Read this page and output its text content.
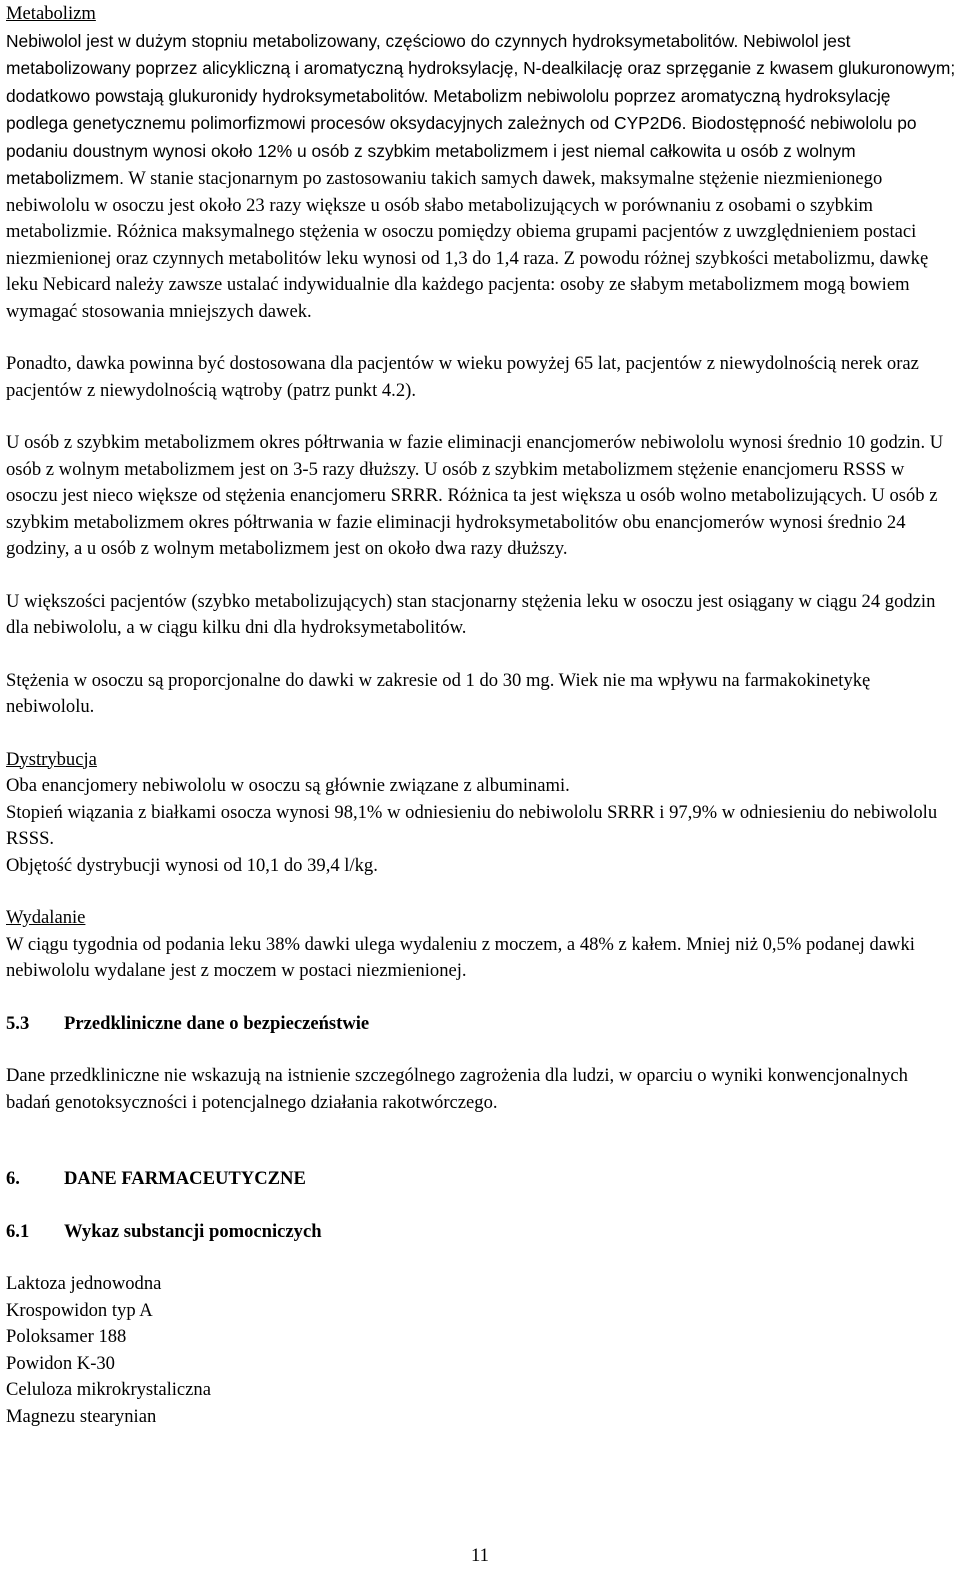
Metabolizm

Nebiwolol jest w dużym stopniu metabolizowany, częściowo do czynnych hydroksymetabolitów. Nebiwolol jest metabolizowany poprzez alicykliczną i aromatyczną hydroksylację, N-dealkilację oraz sprzęganie z kwasem glukuronowym; dodatkowo powstają glukuronidy hydroksymetabolitów. Metabolizm nebiwololu poprzez aromatyczną hydroksylację podlega genetycznemu polimorfizmowi procesów oksydacyjnych zależnych od CYP2D6. Biodostępność nebiwololu po podaniu doustnym wynosi około 12% u osób z szybkim metabolizmem i jest niemal całkowita u osób z wolnym metabolizmem. W stanie stacjonarnym po zastosowaniu takich samych dawek, maksymalne stężenie niezmienionego nebiwololu w osoczu jest około 23 razy większe u osób słabo metabolizujących w porównaniu z osobami o szybkim metabolizmie. Różnica maksymalnego stężenia w osoczu pomiędzy obiema grupami pacjentów z uwzględnieniem postaci niezmienionej oraz czynnych metabolitów leku wynosi od 1,3 do 1,4 raza. Z powodu różnej szybkości metabolizmu, dawkę leku Nebicard należy zawsze ustalać indywidualnie dla każdego pacjenta: osoby ze słabym metabolizmem mogą bowiem wymagać stosowania mniejszych dawek.

Ponadto, dawka powinna być dostosowana dla pacjentów w wieku powyżej 65 lat, pacjentów z niewydolnością nerek oraz pacjentów z niewydolnością wątroby (patrz punkt 4.2).

U osób z szybkim metabolizmem okres półtrwania w fazie eliminacji enancjomerów nebiwololu wynosi średnio 10 godzin. U osób z wolnym metabolizmem jest on 3-5 razy dłuższy. U osób z szybkim metabolizmem stężenie enancjomeru RSSS w osoczu jest nieco większe od stężenia enancjomeru SRRR. Różnica ta jest większa u osób wolno metabolizujących. U osób z szybkim metabolizmem okres półtrwania w fazie eliminacji hydroksymetabolitów obu enancjomerów wynosi średnio 24 godziny, a u osób z wolnym metabolizmem jest on około dwa razy dłuższy.

U większości pacjentów (szybko metabolizujących) stan stacjonarny stężenia leku w osoczu jest osiągany w ciągu 24 godzin dla nebiwololu, a w ciągu kilku dni dla hydroksymetabolitów.

Stężenia w osoczu są proporcjonalne do dawki w zakresie od 1 do 30 mg. Wiek nie ma wpływu na farmakokinetykę nebiwololu.

Dystrybucja

Oba enancjomery nebiwololu w osoczu są głównie związane z albuminami.

Stopień wiązania z białkami osocza wynosi 98,1% w odniesieniu do nebiwololu SRRR i 97,9% w odniesieniu do nebiwololu RSSS.

Objętość dystrybucji wynosi od 10,1 do 39,4 l/kg.

Wydalanie

W ciągu tygodnia od podania leku 38% dawki ulega wydaleniu z moczem, a 48% z kałem. Mniej niż 0,5% podanej dawki nebiwololu wydalane jest z moczem w postaci niezmienionej.

5.3	Przedkliniczne dane o bezpieczeństwie

Dane przedkliniczne nie wskazują na istnienie szczególnego zagrożenia dla ludzi, w oparciu o wyniki konwencjonalnych badań genotoksyczności i potencjalnego działania rakotwórczego.

6.	DANE FARMACEUTYCZNE
6.1	Wykaz substancji pomocniczych
Laktoza jednowodna
Krospowidon typ A
Poloksamer 188
Powidon K-30
Celuloza mikrokrystaliczna
Magnezu stearynian
11
